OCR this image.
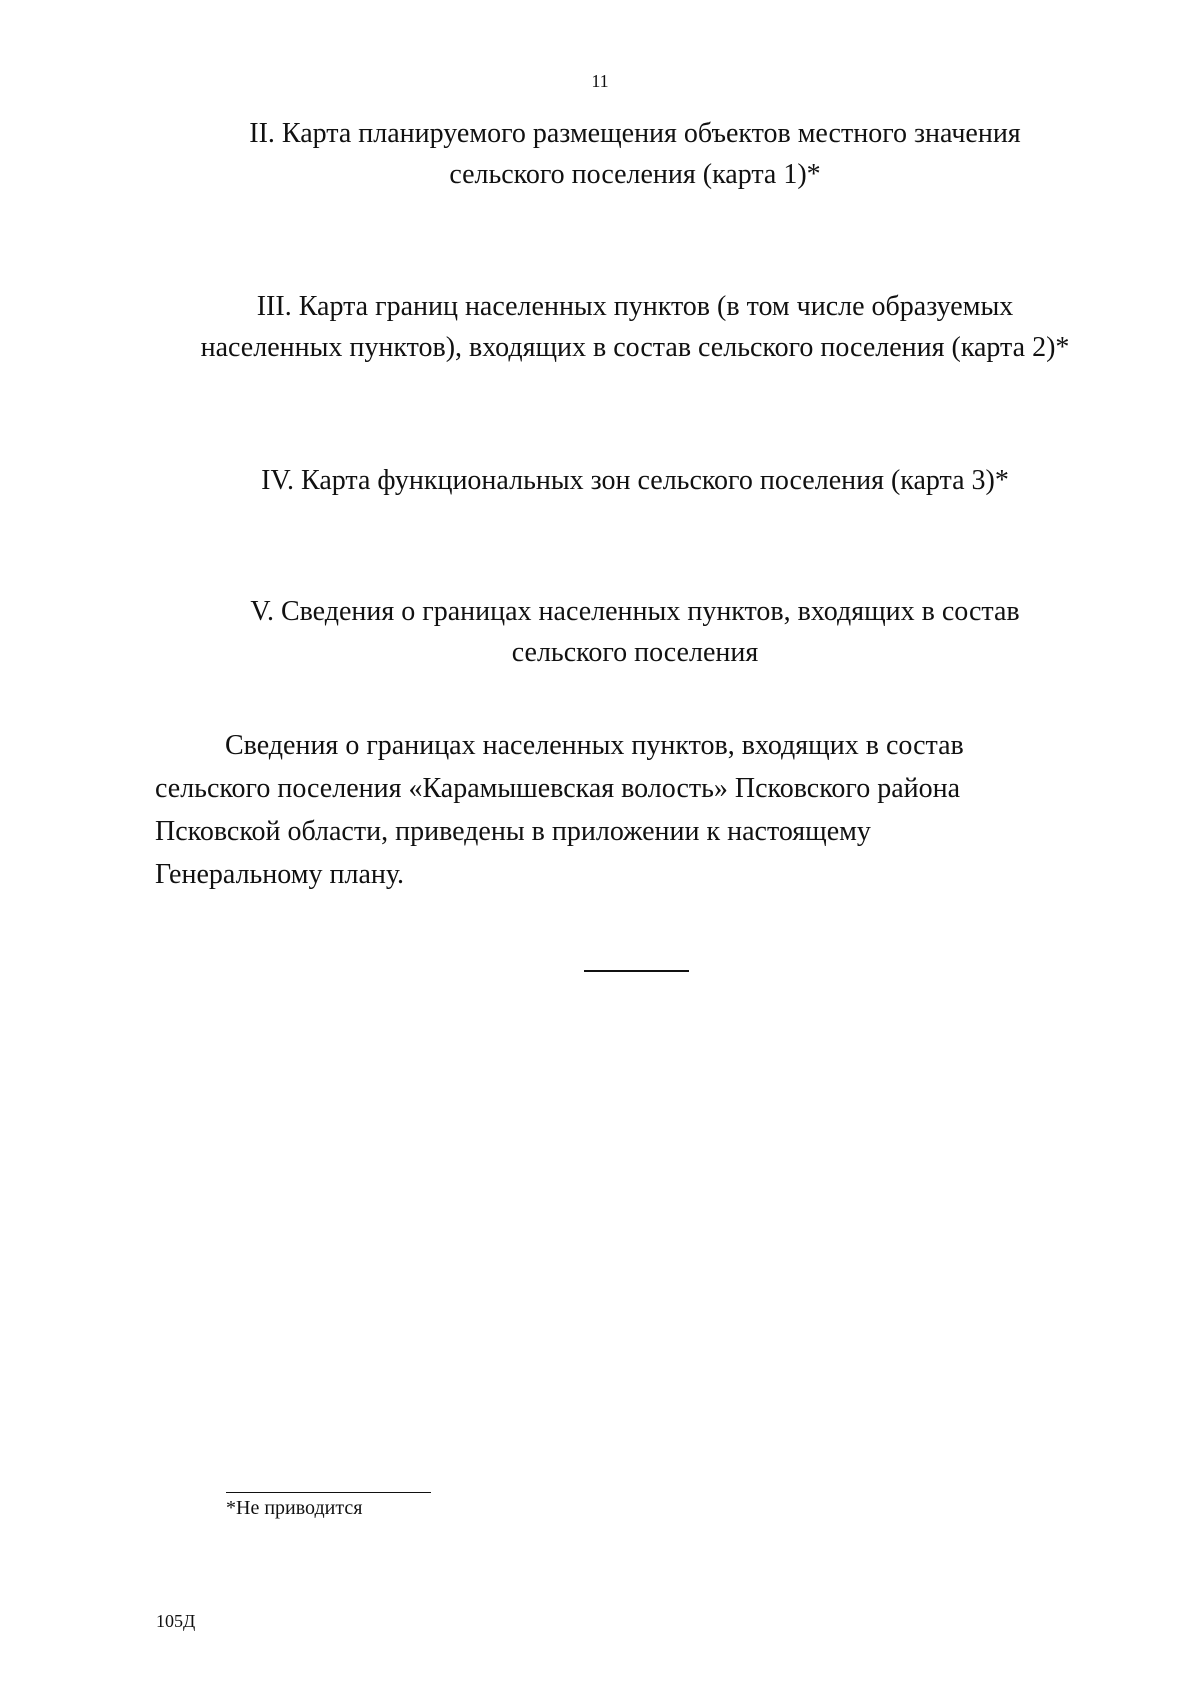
11
II. Карта планируемого размещения объектов местного значения
сельского поселения (карта 1)*
III. Карта границ населенных пунктов (в том числе образуемых
населенных пунктов), входящих в состав сельского поселения (карта 2)*
IV. Карта функциональных зон сельского поселения (карта 3)*
V. Сведения о границах населенных пунктов, входящих в состав
сельского поселения
Сведения о границах населенных пунктов, входящих в состав
сельского поселения «Карамышевская волость» Псковского района
Псковской области, приведены в приложении к настоящему
Генеральному плану.
*Не приводится
105Д
